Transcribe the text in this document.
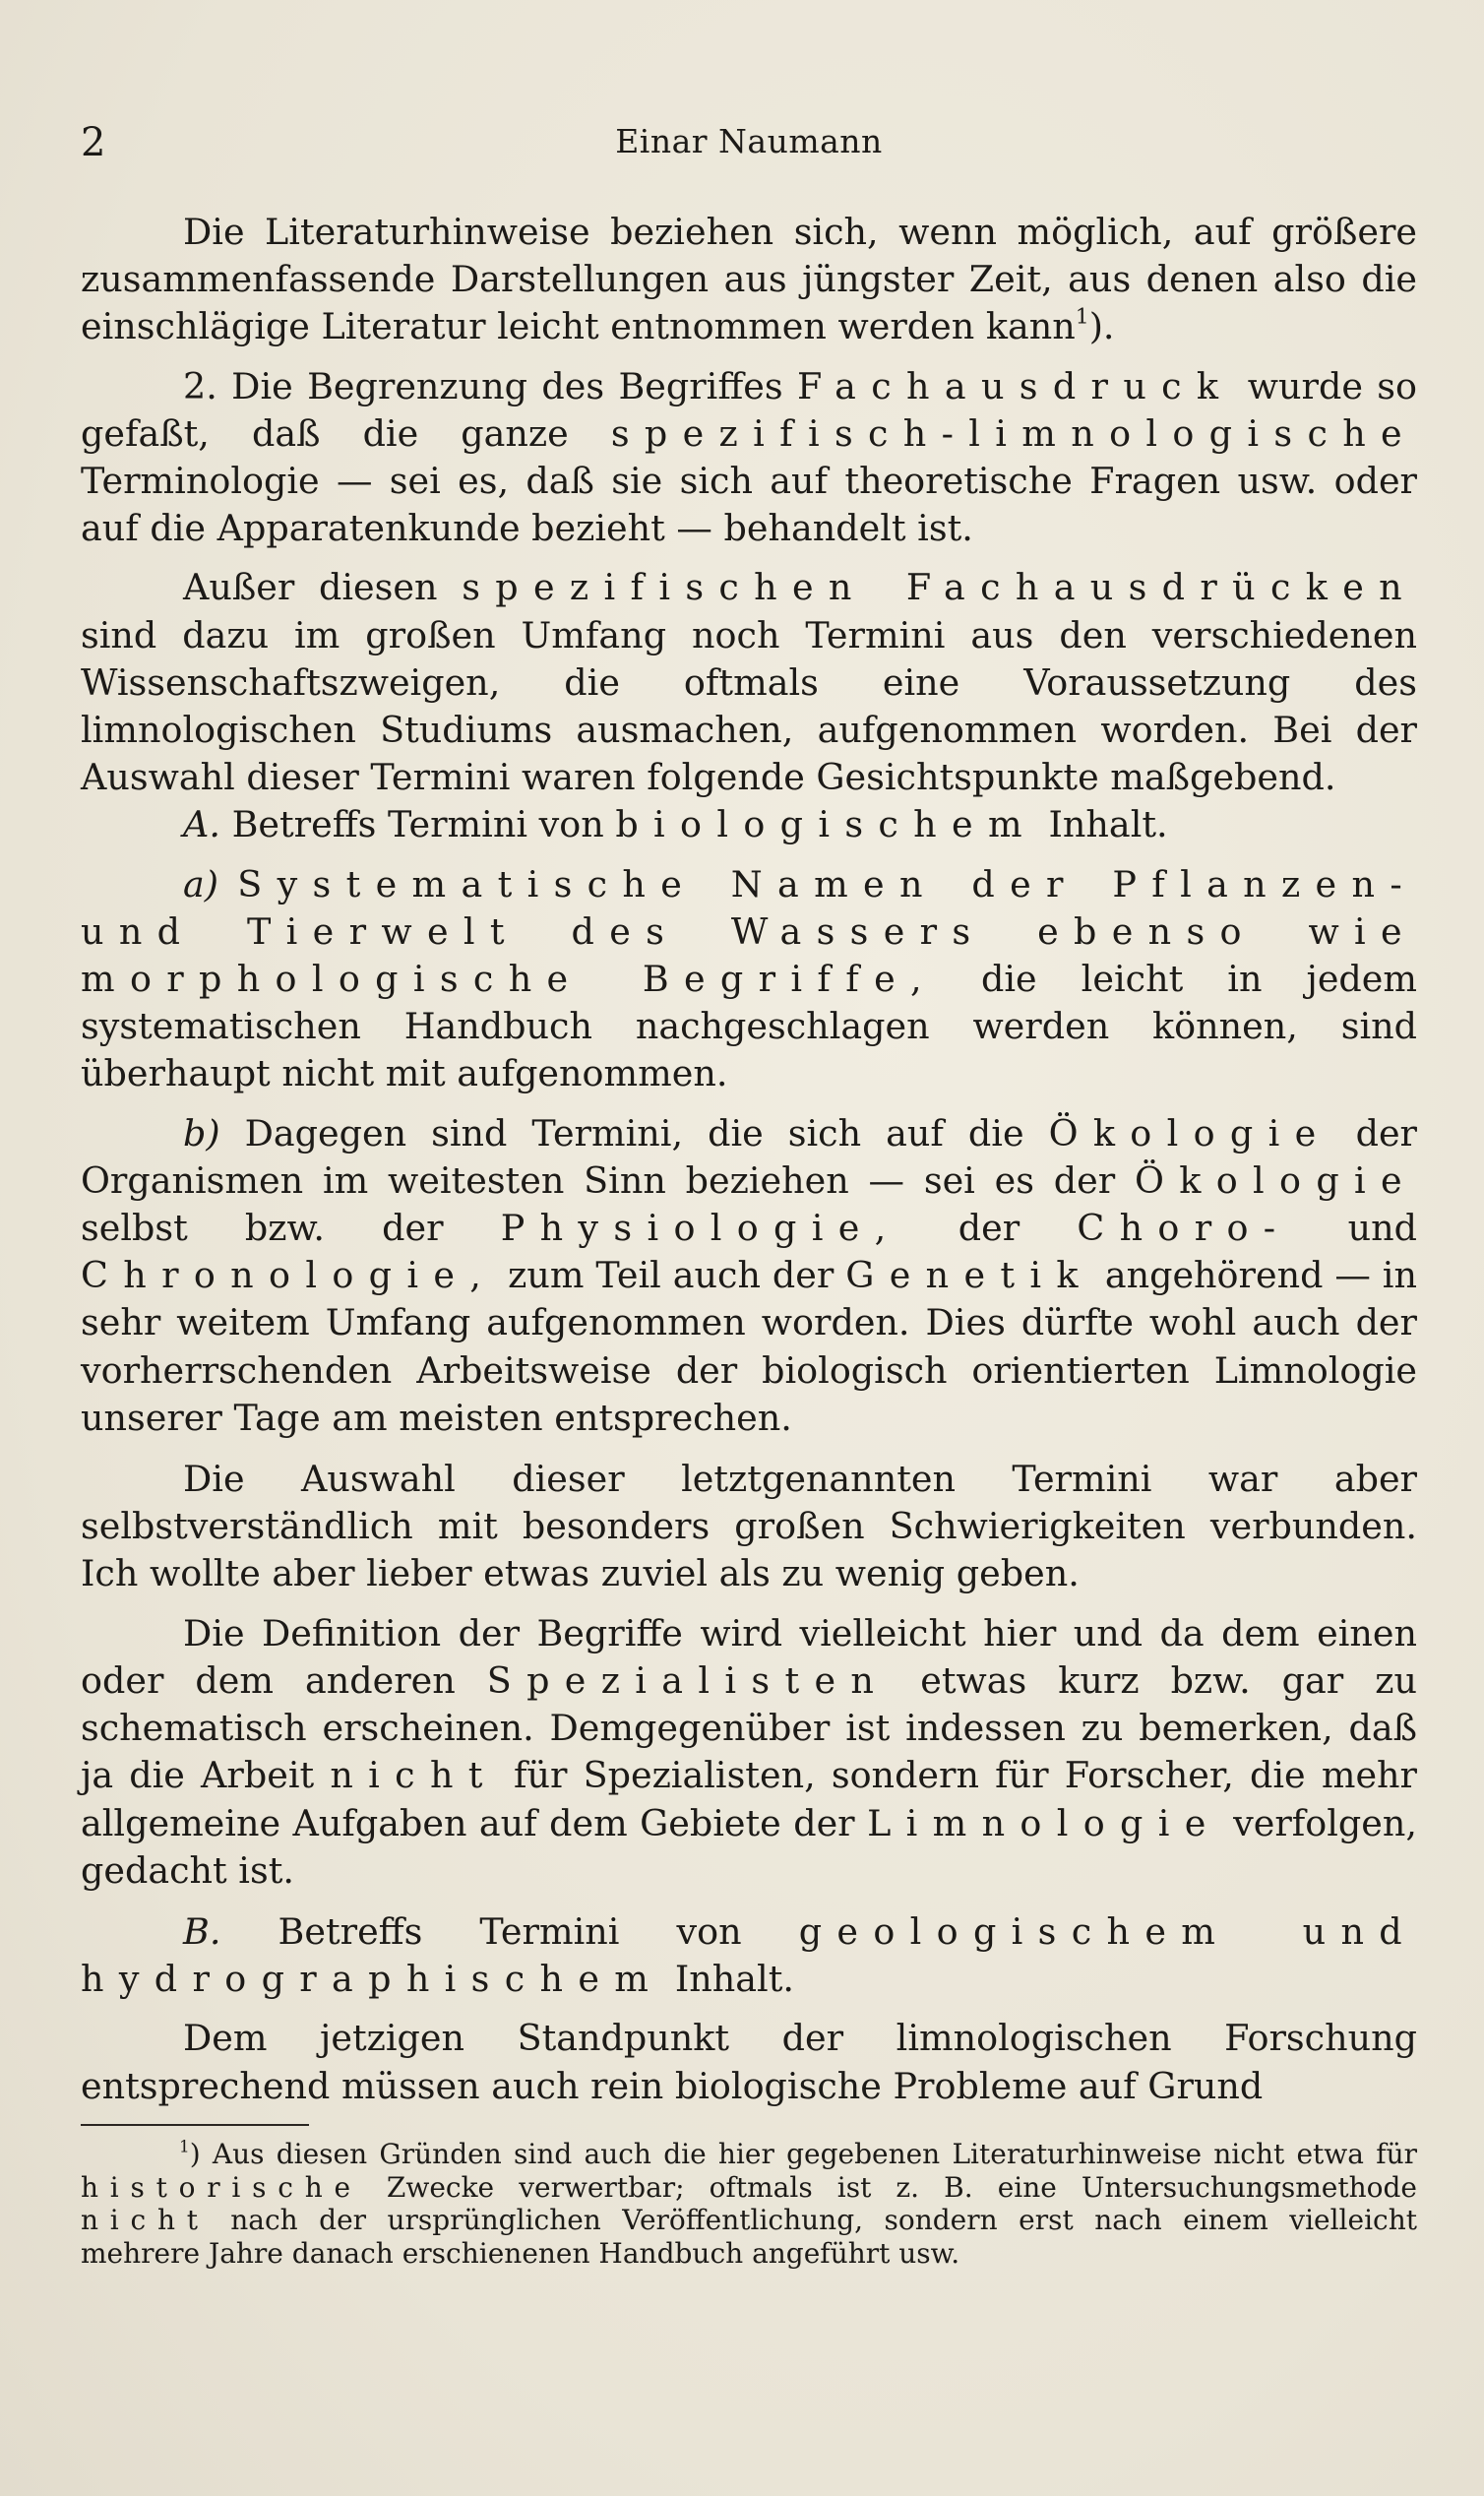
2	Einar Naumann

Die Literaturhinweise beziehen sich, wenn möglich, auf größere zusammenfassende Darstellungen aus jüngster Zeit, aus denen also die einschlägige Literatur leicht entnommen werden kann$^1$).

2. Die Begrenzung des Begriffes Fachausdruck wurde so gefaßt, daß die ganze spezifisch-limnologische Terminologie — sei es, daß sie sich auf theoretische Fragen usw. oder auf die Apparatenkunde bezieht — behandelt ist.

Außer diesen spezifischen Fachausdrücken sind dazu im großen Umfang noch Termini aus den verschiedenen Wissenschaftszweigen, die oftmals eine Voraussetzung des limnologischen Studiums ausmachen, aufgenommen worden. Bei der Auswahl dieser Termini waren folgende Gesichtspunkte maßgebend.

A. Betreffs Termini von biologischem Inhalt.

a) Systematische Namen der Pflanzen- und Tierwelt des Wassers ebenso wie morphologische Begriffe, die leicht in jedem systematischen Handbuch nachgeschlagen werden können, sind überhaupt nicht mit aufgenommen.

b) Dagegen sind Termini, die sich auf die Ökologie der Organismen im weitesten Sinn beziehen — sei es der Ökologie selbst bzw. der Physiologie, der Choro- und Chronologie, zum Teil auch der Genetik angehörend — in sehr weitem Umfang aufgenommen worden. Dies dürfte wohl auch der vorherrschenden Arbeitsweise der biologisch orientierten Limnologie unserer Tage am meisten entsprechen.

Die Auswahl dieser letztgenannten Termini war aber selbstverständlich mit besonders großen Schwierigkeiten verbunden. Ich wollte aber lieber etwas zuviel als zu wenig geben.

Die Definition der Begriffe wird vielleicht hier und da dem einen oder dem anderen Spezialisten etwas kurz bzw. gar zu schematisch erscheinen. Demgegenüber ist indessen zu bemerken, daß ja die Arbeit nicht für Spezialisten, sondern für Forscher, die mehr allgemeine Aufgaben auf dem Gebiete der Limnologie verfolgen, gedacht ist.

B. Betreffs Termini von geologischem und hydrographischem Inhalt.

Dem jetzigen Standpunkt der limnologischen Forschung entsprechend müssen auch rein biologische Probleme auf Grund

$^1$) Aus diesen Gründen sind auch die hier gegebenen Literaturhinweise nicht etwa für historische Zwecke verwertbar; oftmals ist z. B. eine Untersuchungsmethode nicht nach der ursprünglichen Veröffentlichung, sondern erst nach einem vielleicht mehrere Jahre danach erschienenen Handbuch angeführt usw.
